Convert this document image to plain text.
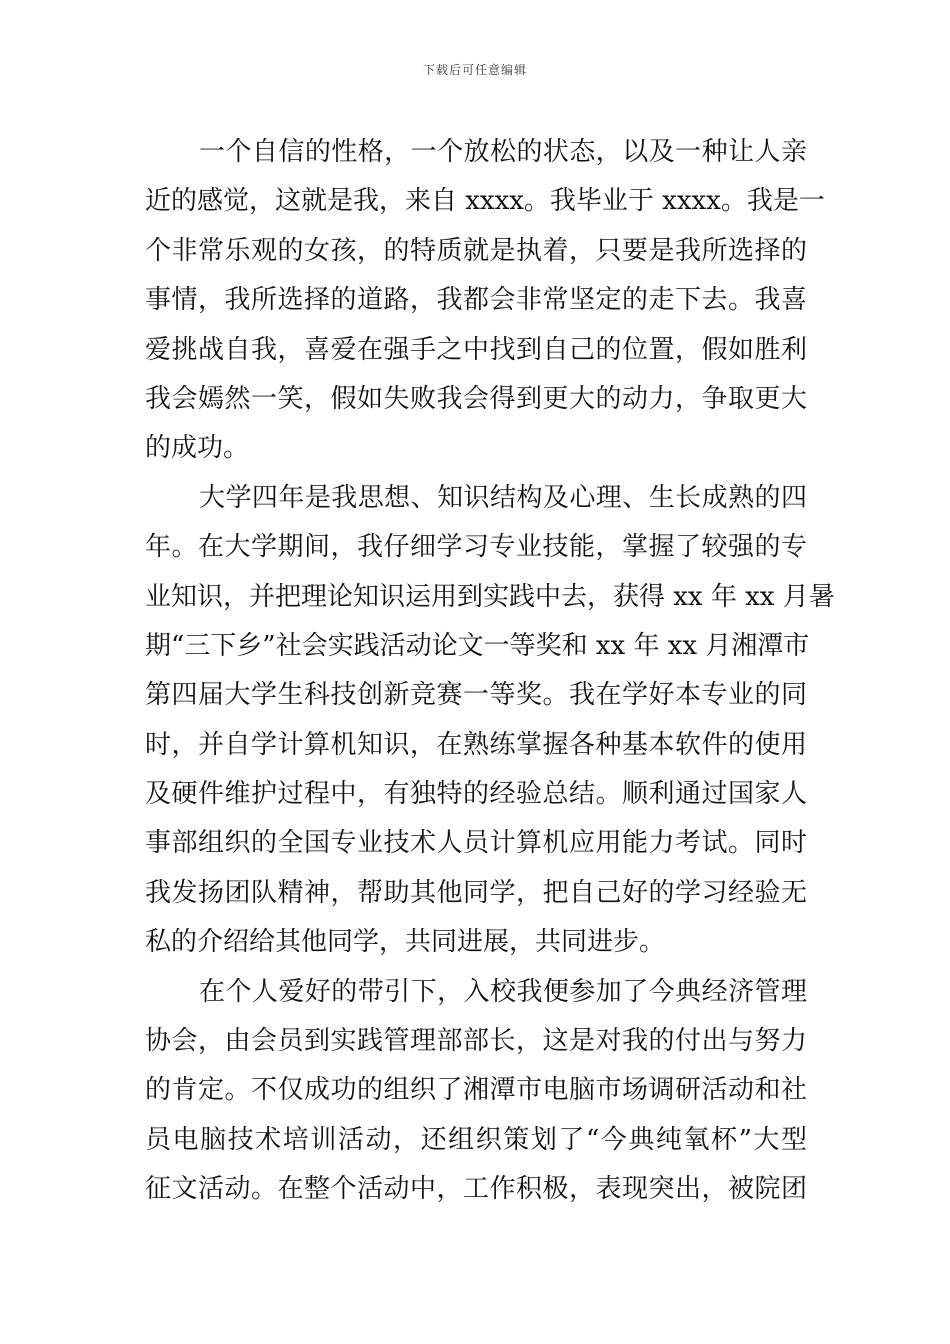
下载后可任意编辑
一个自信的性格，一个放松的状态，以及一种让人亲
近的感觉，这就是我，来自 xxxx。我毕业于 xxxx。我是一
个非常乐观的女孩，的特质就是执着，只要是我所选择的
事情，我所选择的道路，我都会非常坚定的走下去。我喜
爱挑战自我，喜爱在强手之中找到自己的位置，假如胜利
我会嫣然一笑，假如失败我会得到更大的动力，争取更大
的成功。
大学四年是我思想、知识结构及心理、生长成熟的四
年。在大学期间，我仔细学习专业技能，掌握了较强的专
业知识，并把理论知识运用到实践中去，获得 xx 年 xx 月暑
期“三下乡”社会实践活动论文一等奖和 xx 年 xx 月湘潭市
第四届大学生科技创新竞赛一等奖。我在学好本专业的同
时，并自学计算机知识，在熟练掌握各种基本软件的使用
及硬件维护过程中，有独特的经验总结。顺利通过国家人
事部组织的全国专业技术人员计算机应用能力考试。同时
我发扬团队精神，帮助其他同学，把自己好的学习经验无
私的介绍给其他同学，共同进展，共同进步。
在个人爱好的带引下，入校我便参加了今典经济管理
协会，由会员到实践管理部部长，这是对我的付出与努力
的肯定。不仅成功的组织了湘潭市电脑市场调研活动和社
员电脑技术培训活动，还组织策划了“今典纯氧杯”大型
征文活动。在整个活动中，工作积极，表现突出，被院团
